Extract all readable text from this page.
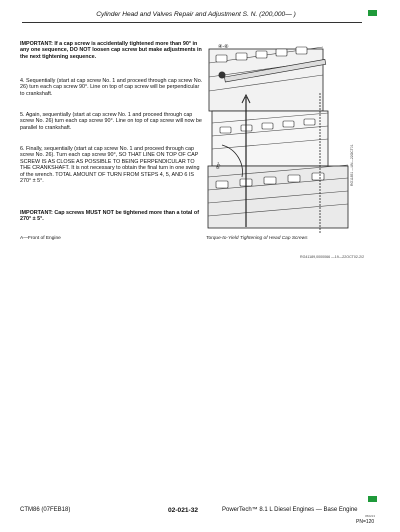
Cylinder Head and Valves Repair and Adjustment S. N. (200,000— )

IMPORTANT: If a cap screw is accidentally tightened more than 90° in any one sequence, DO NOT loosen cap screw but make adjustments in the next tightening sequence.

4. Sequentially (start at cap screw No. 1 and proceed through cap screw No. 26) turn each cap screw 90°. Line on top of cap screw will be perpendicular to crankshaft.

5. Again, sequentially (start at cap screw No. 1 and proceed through cap screw No. 26) turn each cap screw 90°. Line on top of cap screw will now be parallel to crankshaft.

6. Finally, sequentially (start at cap screw No. 1 and proceed through cap screw No. 26). Turn each cap screw 90°, SO THAT LINE ON TOP OF CAP SCREW IS AS CLOSE AS POSSIBLE TO BEING PERPENDICULAR TO THE CRANKSHAFT. It is not necessary to obtain the final turn in one swing of the wrench. TOTAL AMOUNT OF TURN FROM STEPS 4, 5, AND 6 IS 270° ± 5°.

IMPORTANT: Cap screws MUST NOT be tightened more than a total of 270° ± 5°.

A—Front of Engine
④-⑥
90°	RG11851 —UN—22OCT01
Torque-to-Yield Tightening of Head Cap Screws
RG41189,0000066 —19—22OCT02-2/2
CTM86 (07FEB18)	02-021-32	PowerTech™ 8.1 L Diesel Engines — Base Engine
050213
PN=120
